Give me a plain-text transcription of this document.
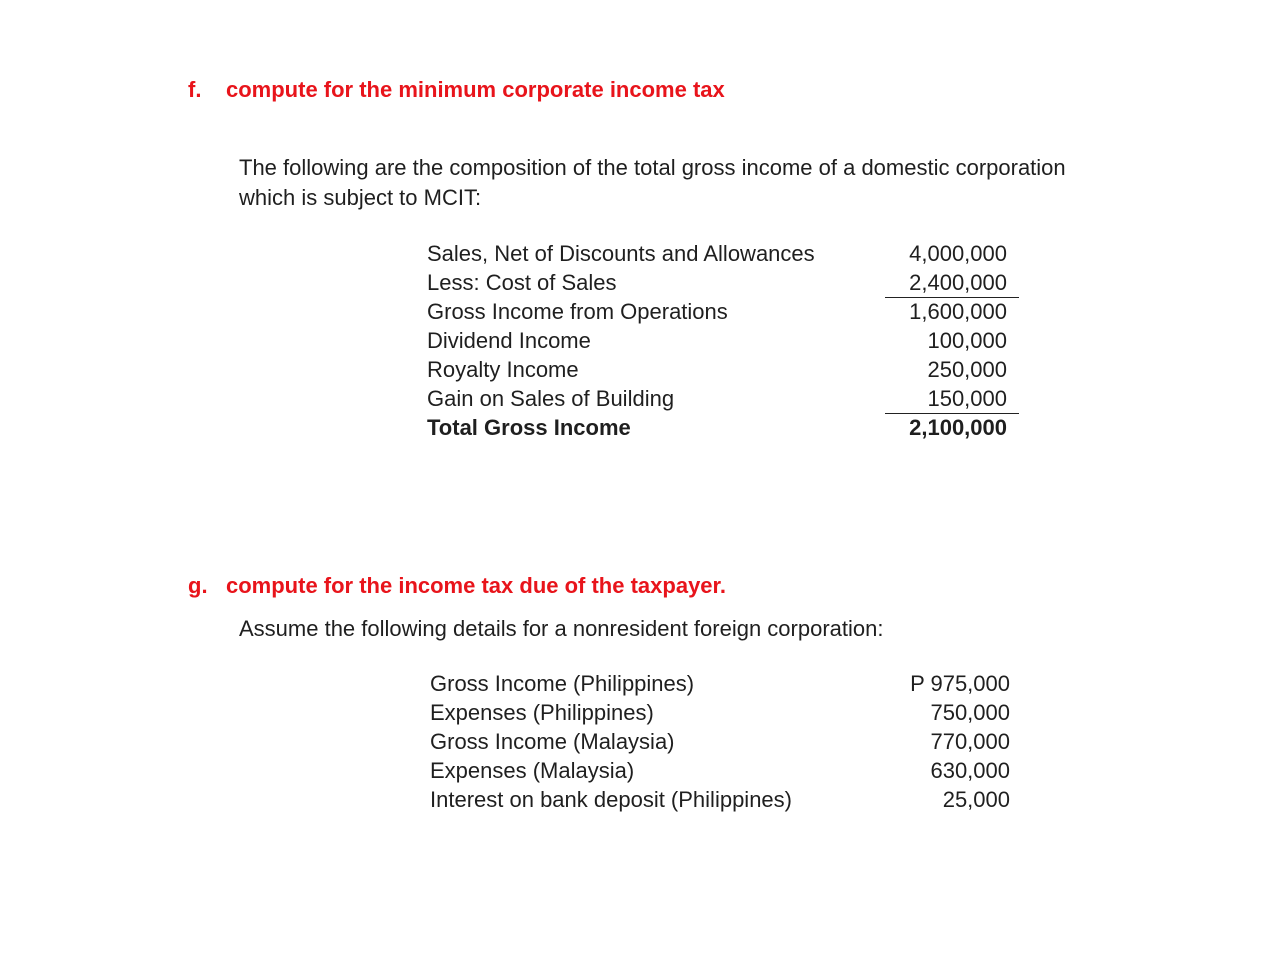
f. compute for the minimum corporate income tax
The following are the composition of the total gross income of a domestic corporation
which is subject to MCIT:
Sales, Net of Discounts and Allowances	4,000,000
Less: Cost of Sales	2,400,000
Gross Income from Operations	1,600,000
Dividend Income	100,000
Royalty Income	250,000
Gain on Sales of Building	150,000
Total Gross Income	2,100,000
g. compute for the income tax due of the taxpayer.
Assume the following details for a nonresident foreign corporation:
Gross Income (Philippines)	P 975,000
Expenses (Philippines)	750,000
Gross Income (Malaysia)	770,000
Expenses (Malaysia)	630,000
Interest on bank deposit (Philippines)	25,000
